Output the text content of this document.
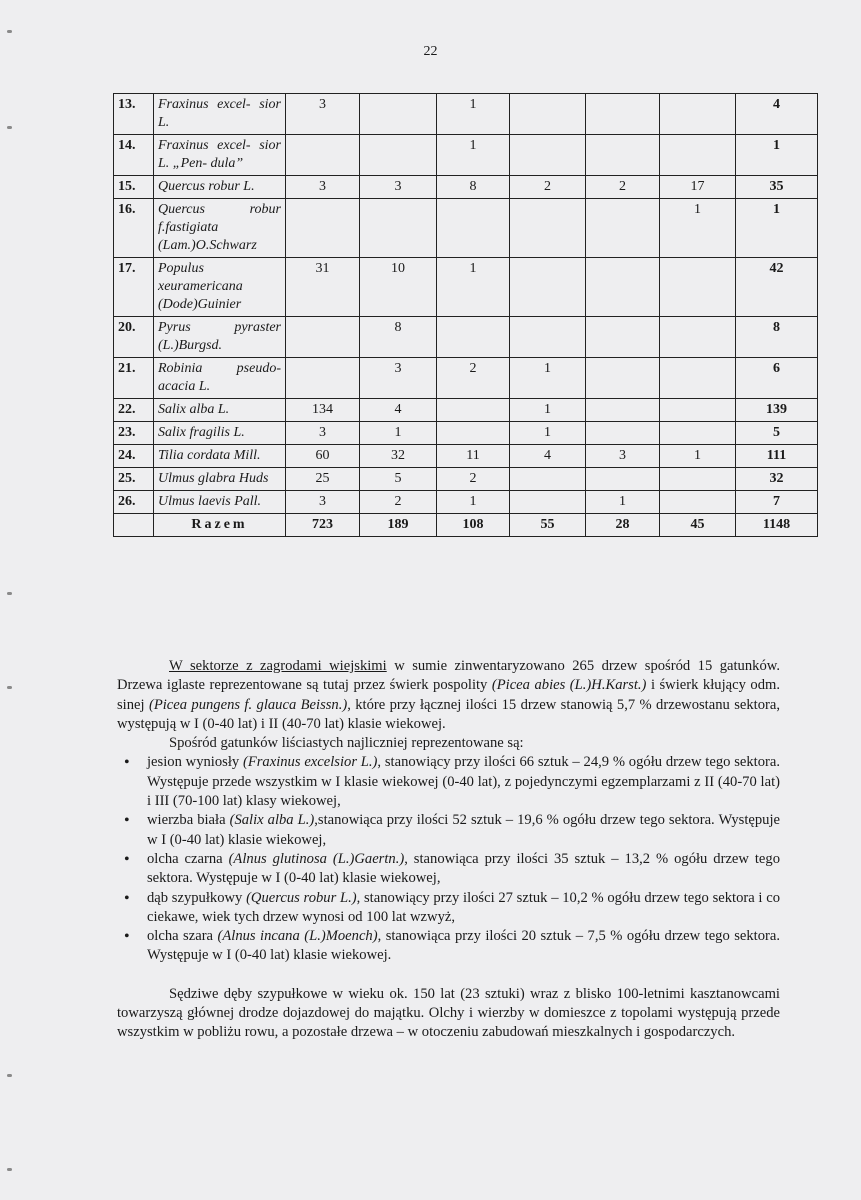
22
13.	Fraxinus excel- sior L.	3		1				4
14.	Fraxinus excel- sior L. „Pen- dula”			1				1
15.	Quercus robur L.	3	3	8	2	2	17	35
16.	Quercus robur f.fastigiata (Lam.)O.Schwarz						1	1
17.	Populus xeuramericana (Dode)Guinier	31	10	1				42
20.	Pyrus pyraster (L.)Burgsd.		8					8
21.	Robinia pseudo- acacia L.		3	2	1			6
22.	Salix alba L.	134	4		1			139
23.	Salix fragilis L.	3	1		1			5
24.	Tilia cordata Mill.	60	32	11	4	3	1	111
25.	Ulmus glabra Huds	25	5	2				32
26.	Ulmus laevis Pall.	3	2	1		1		7
	Razem	723	189	108	55	28	45	1148

W sektorze z zagrodami wiejskimi w sumie zinwentaryzowano 265 drzew spośród 15 gatunków. Drzewa iglaste reprezentowane są tutaj przez świerk pospolity (Picea abies (L.)H.Karst.) i świerk kłujący odm. sinej (Picea pungens f. glauca Beissn.), które przy łącznej ilości 15 drzew stanowią 5,7 % drzewostanu sektora, występują w I (0-40 lat) i II (40-70 lat) klasie wiekowej.

Spośród gatunków liściastych najliczniej reprezentowane są:

• jesion wyniosły (Fraxinus excelsior L.), stanowiący przy ilości 66 sztuk – 24,9 % ogółu drzew tego sektora. Występuje przede wszystkim w I klasie wiekowej (0-40 lat), z pojedynczymi egzemplarzami z II (40-70 lat) i III (70-100 lat) klasy wiekowej,
• wierzba biała (Salix alba L.),stanowiąca przy ilości 52 sztuk – 19,6 % ogółu drzew tego sektora. Występuje w I (0-40 lat) klasie wiekowej,
• olcha czarna (Alnus glutinosa (L.)Gaertn.), stanowiąca przy ilości 35 sztuk – 13,2 % ogółu drzew tego sektora. Występuje w I (0-40 lat) klasie wiekowej,
• dąb szypułkowy (Quercus robur L.), stanowiący przy ilości 27 sztuk – 10,2 % ogółu drzew tego sektora i co ciekawe, wiek tych drzew wynosi od 100 lat wzwyż,
• olcha szara (Alnus incana (L.)Moench), stanowiąca przy ilości 20 sztuk – 7,5 % ogółu drzew tego sektora. Występuje w I (0-40 lat) klasie wiekowej.

Sędziwe dęby szypułkowe w wieku ok. 150 lat (23 sztuki) wraz z blisko 100-letnimi kasztanowcami towarzyszą głównej drodze dojazdowej do majątku. Olchy i wierzby w domieszce z topolami występują przede wszystkim w pobliżu rowu, a pozostałe drzewa – w otoczeniu zabudowań mieszkalnych i gospodarczych.
